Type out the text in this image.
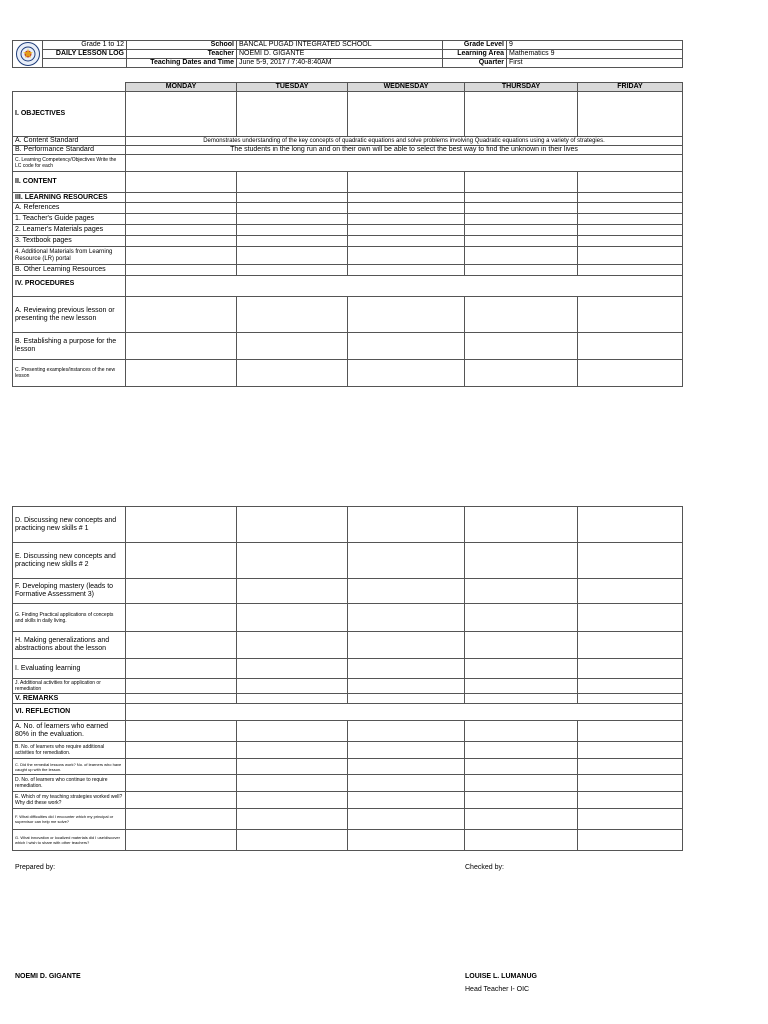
	Grade 1 to 12	School	BANCAL PUGAD INTEGRATED SCHOOL	Grade Level	9
	DAILY LESSON LOG	Teacher	NOEMI D. GIGANTE	Learning Area	Mathematics 9
		Teaching Dates and Time	June 5-9, 2017 / 7:40-8:40AM	Quarter	First
	MONDAY	TUESDAY	WEDNESDAY	THURSDAY	FRIDAY
I. OBJECTIVES					
A. Content Standard	Demonstrates understanding of the key concepts of quadratic equations and solve problems involving Quadratic equations using a variety of strategies.				
B. Performance Standard	The students in the long run and on their own will be able to select the best way to find the unknown in their lives				
C. Learning Competency/Objectives Write the LC code for each					
II. CONTENT					
III. LEARNING RESOURCES					
A. References					
1. Teacher's Guide pages					
2. Learner's Materials pages					
3. Textbook pages					
4. Additional Materials from Learning Resource (LR) portal					
B. Other Learning Resources					
IV. PROCEDURES					
A. Reviewing previous lesson or presenting the new lesson					
B. Establishing a purpose for the lesson					
C. Presenting examples/instances of the new lesson					
D. Discussing new concepts and practicing new skills # 1					
E. Discussing new concepts and practicing new skills # 2					
F. Developing mastery (leads to Formative Assessment 3)					
G. Finding Practical applications of concepts and skills in daily living.					
H. Making generalizations and abstractions about the lesson					
I. Evaluating learning					
J. Additional activities for application or remediation					
V. REMARKS					
VI. REFLECTION					
A. No. of learners who earned 80% in the evaluation.					
B. No. of learners who require additional activities for remediation.					
C. Did the remedial lessons work? No. of learners who have caught up with the lesson.					
D. No. of learners who continue to require remediation.					
E. Which of my teaching strategies worked well? Why did these work?					
F. What difficulties did I encounter which my principal or supervisor can help me solve?					
G. What innovation or localized materials did I use/discover which I wish to share with other teachers?					
Prepared by:	Checked by:
NOEMI D. GIGANTE	LOUISE L. LUMANUG
Head Teacher I- OIC
